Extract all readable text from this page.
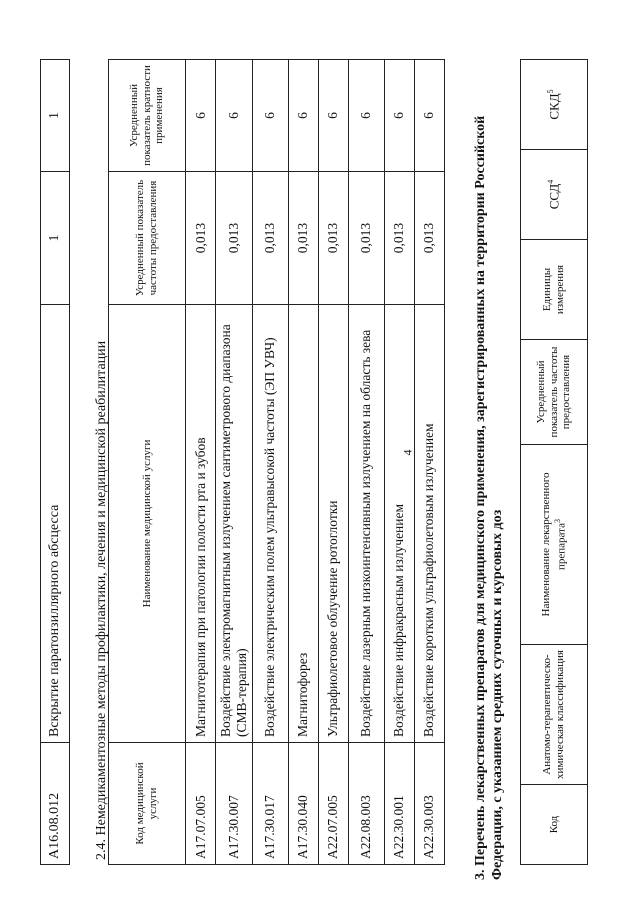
4
A16.08.012	Вскрытие паратонзиллярного абсцесса	1	1
2.4. Немедикаментозные методы профилактики, лечения и медицинской реабилитации Код медицинской услуги	Наименование медицинской услуги	Усредненный показатель частоты предоставления	Усредненный показатель кратности применения
A17.07.005	Магнитотерапия при патологии полости рта и зубов	0,013	6
A17.30.007	Воздействие электромагнитным излучением сантиметрового диапазона (СМВ-терапия)	0,013	6
A17.30.017	Воздействие электрическим полем ультравысокой частоты (ЭП УВЧ)	0,013	6
A17.30.040	Магнитофорез	0,013	6
A22.07.005	Ультрафиолетовое облучение ротоглотки	0,013	6
A22.08.003	Воздействие лазерным низкоинтенсивным излучением на область зева	0,013	6
A22.30.001	Воздействие инфракрасным излучением	0,013	6
A22.30.003	Воздействие коротким ультрафиолетовым излучением	0,013	6
3. Перечень лекарственных препаратов для медицинского применения, зарегистрированных на территории Российской Федерации, с указанием средних суточных и курсовых доз	Код	Анатомо-терапевтическо-химическая классификация	Наименование лекарственного препарата$^3$	Усредненный показатель частоты предоставления	Единицы измерения	ССД$^4$	СКД$^5$
